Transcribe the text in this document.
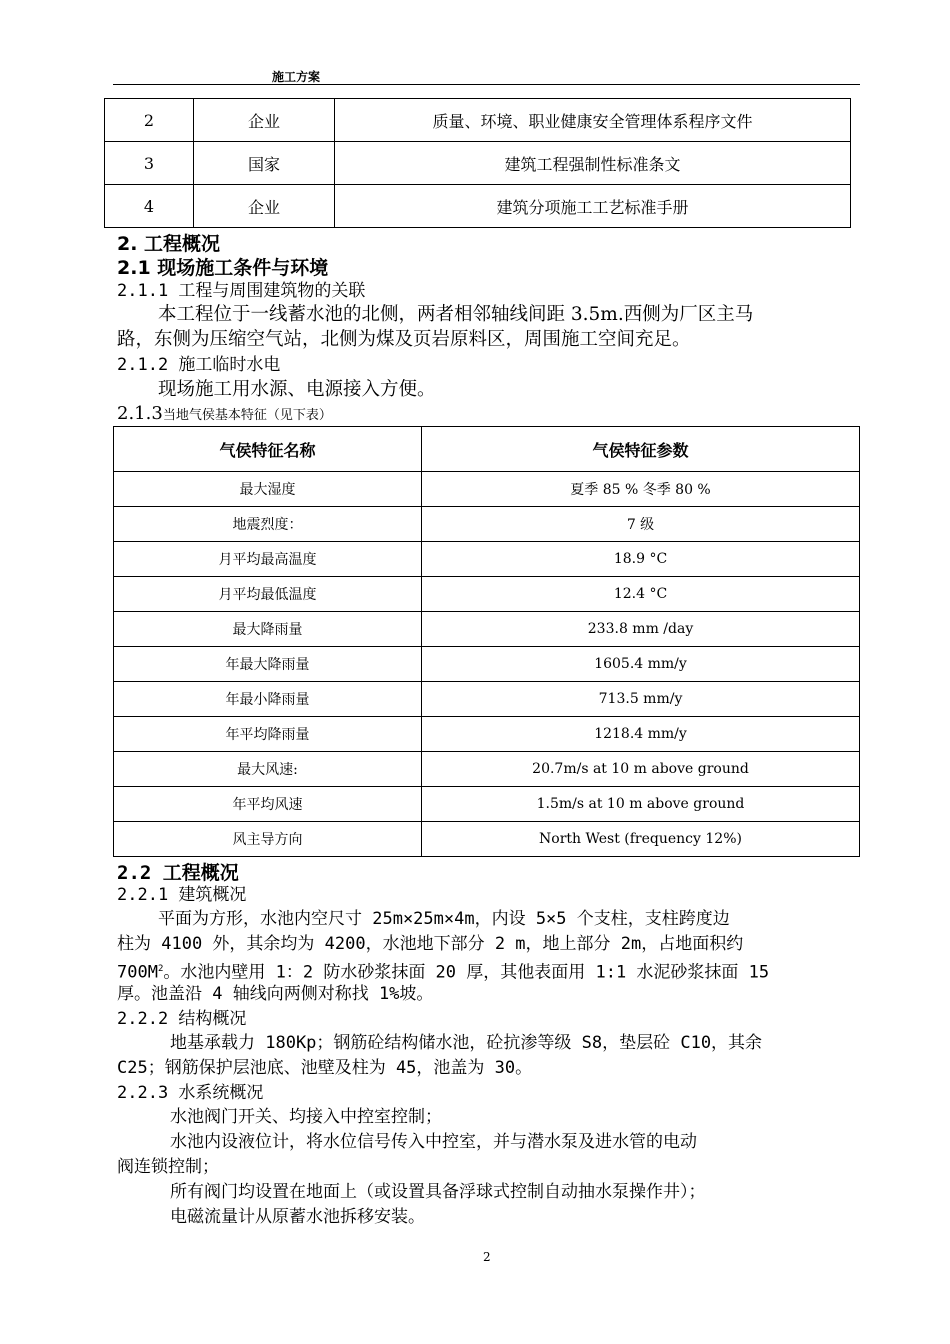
施工方案
2	企业	质量、环境、职业健康安全管理体系程序文件
3	国家	建筑工程强制性标准条文
4	企业	建筑分项施工工艺标准手册
2. 工程概况
2.1 现场施工条件与环境
2.1.1 工程与周围建筑物的关联
本工程位于一线蓄水池的北侧，两者相邻轴线间距 3.5m.西侧为厂区主马
路，东侧为压缩空气站，北侧为煤及页岩原料区，周围施工空间充足。
2.1.2 施工临时水电
现场施工用水源、电源接入方便。
2.1.3当地气侯基本特征（见下表）
气侯特征名称	气侯特征参数
最大湿度	夏季 85 % 冬季 80 %
地震烈度：	7 级
月平均最高温度	18.9 °C
月平均最低温度	12.4 °C
最大降雨量	233.8 mm /day
年最大降雨量	1605.4 mm/y
年最小降雨量	713.5 mm/y
年平均降雨量	1218.4 mm/y
最大风速:	20.7m/s at 10 m above ground
年平均风速	1.5m/s at 10 m above ground
风主导方向	North West (frequency 12%)
2.2 工程概况
2.2.1 建筑概况
平面为方形，水池内空尺寸 25m×25m×4m，内设 5×5 个支柱，支柱跨度边
柱为 4100 外，其余均为 4200，水池地下部分 2 m，地上部分 2m，占地面积约
$700M^2$。水池内壁用 1：2 防水砂浆抹面 20 厚，其他表面用 1:1 水泥砂浆抹面 15
厚。池盖沿 4 轴线向两侧对称找 1%坡。
2.2.2 结构概况
地基承载力 180Kp；钢筋砼结构储水池，砼抗渗等级 S8，垫层砼 C10，其余
C25；钢筋保护层池底、池壁及柱为 45，池盖为 30。
2.2.3 水系统概况
水池阀门开关、均接入中控室控制；
水池内设液位计，将水位信号传入中控室，并与潜水泵及进水管的电动
阀连锁控制；
所有阀门均设置在地面上（或设置具备浮球式控制自动抽水泵操作井）；
电磁流量计从原蓄水池拆移安装。
2
